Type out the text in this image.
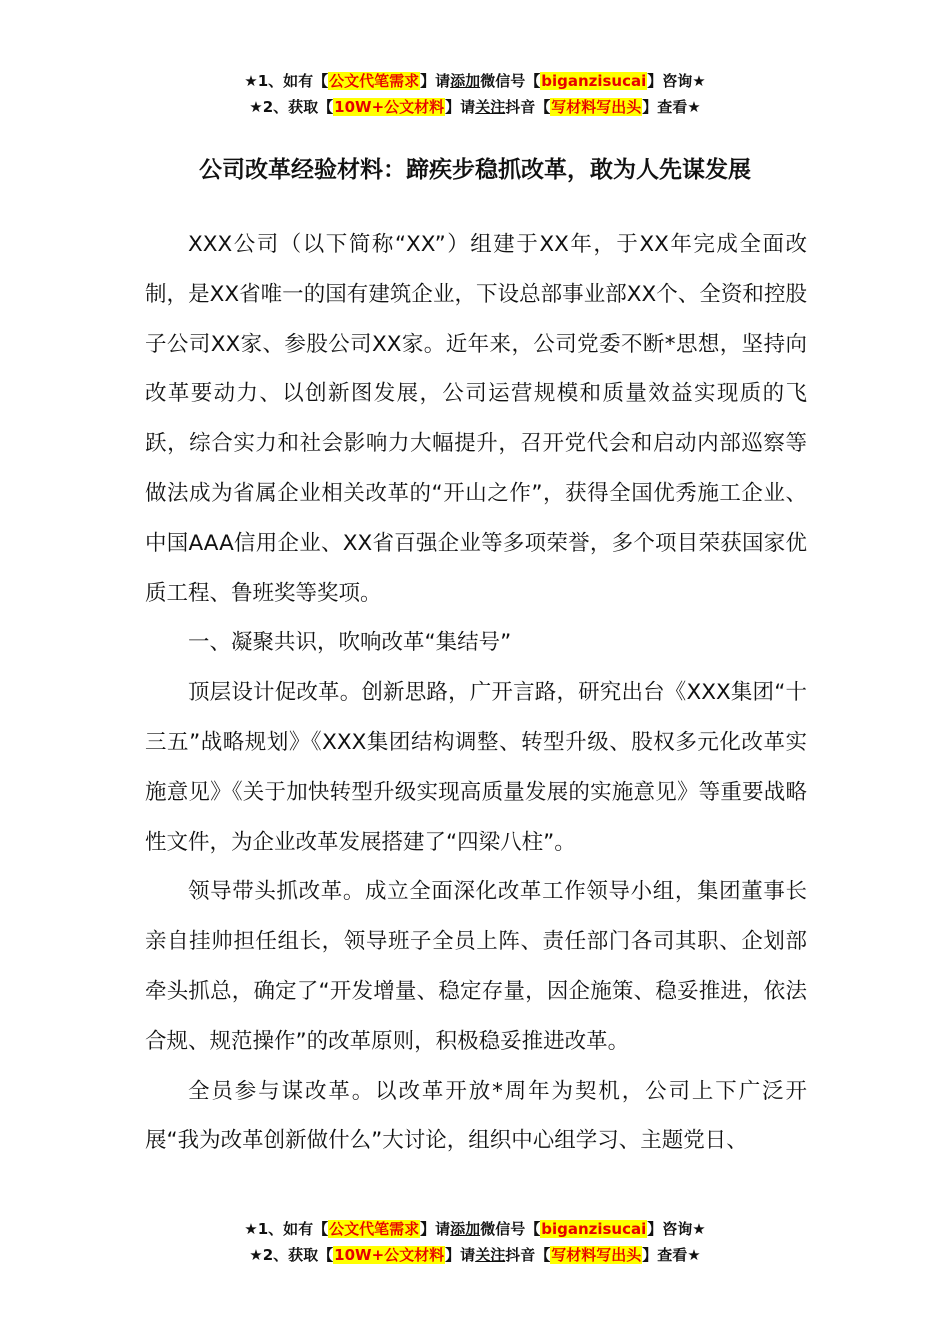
★1、如有【公文代笔需求】请添加微信号【biganzisucai】咨询★
★2、获取【10W+公文材料】请关注抖音【写材料写出头】查看★
公司改革经验材料：蹄疾步稳抓改革，敢为人先谋发展

XXX公司（以下简称“XX”）组建于XX年，于XX年完成全面改制，是XX省唯一的国有建筑企业，下设总部事业部XX个、全资和控股子公司XX家、参股公司XX家。近年来，公司党委不断*思想，坚持向改革要动力、以创新图发展，公司运营规模和质量效益实现质的飞跃，综合实力和社会影响力大幅提升，召开党代会和启动内部巡察等做法成为省属企业相关改革的“开山之作”，获得全国优秀施工企业、中国AAA信用企业、XX省百强企业等多项荣誉，多个项目荣获国家优质工程、鲁班奖等奖项。

一、凝聚共识，吹响改革“集结号”

顶层设计促改革。创新思路，广开言路，研究出台《XXX集团“十三五”战略规划》《XXX集团结构调整、转型升级、股权多元化改革实施意见》《关于加快转型升级实现高质量发展的实施意见》等重要战略性文件，为企业改革发展搭建了“四梁八柱”。

领导带头抓改革。成立全面深化改革工作领导小组，集团董事长亲自挂帅担任组长，领导班子全员上阵、责任部门各司其职、企划部牵头抓总，确定了“开发增量、稳定存量，因企施策、稳妥推进，依法合规、规范操作”的改革原则，积极稳妥推进改革。

全员参与谋改革。以改革开放*周年为契机，公司上下广泛开展“我为改革创新做什么”大讨论，组织中心组学习、主题党日、

★1、如有【公文代笔需求】请添加微信号【biganzisucai】咨询★
★2、获取【10W+公文材料】请关注抖音【写材料写出头】查看★
